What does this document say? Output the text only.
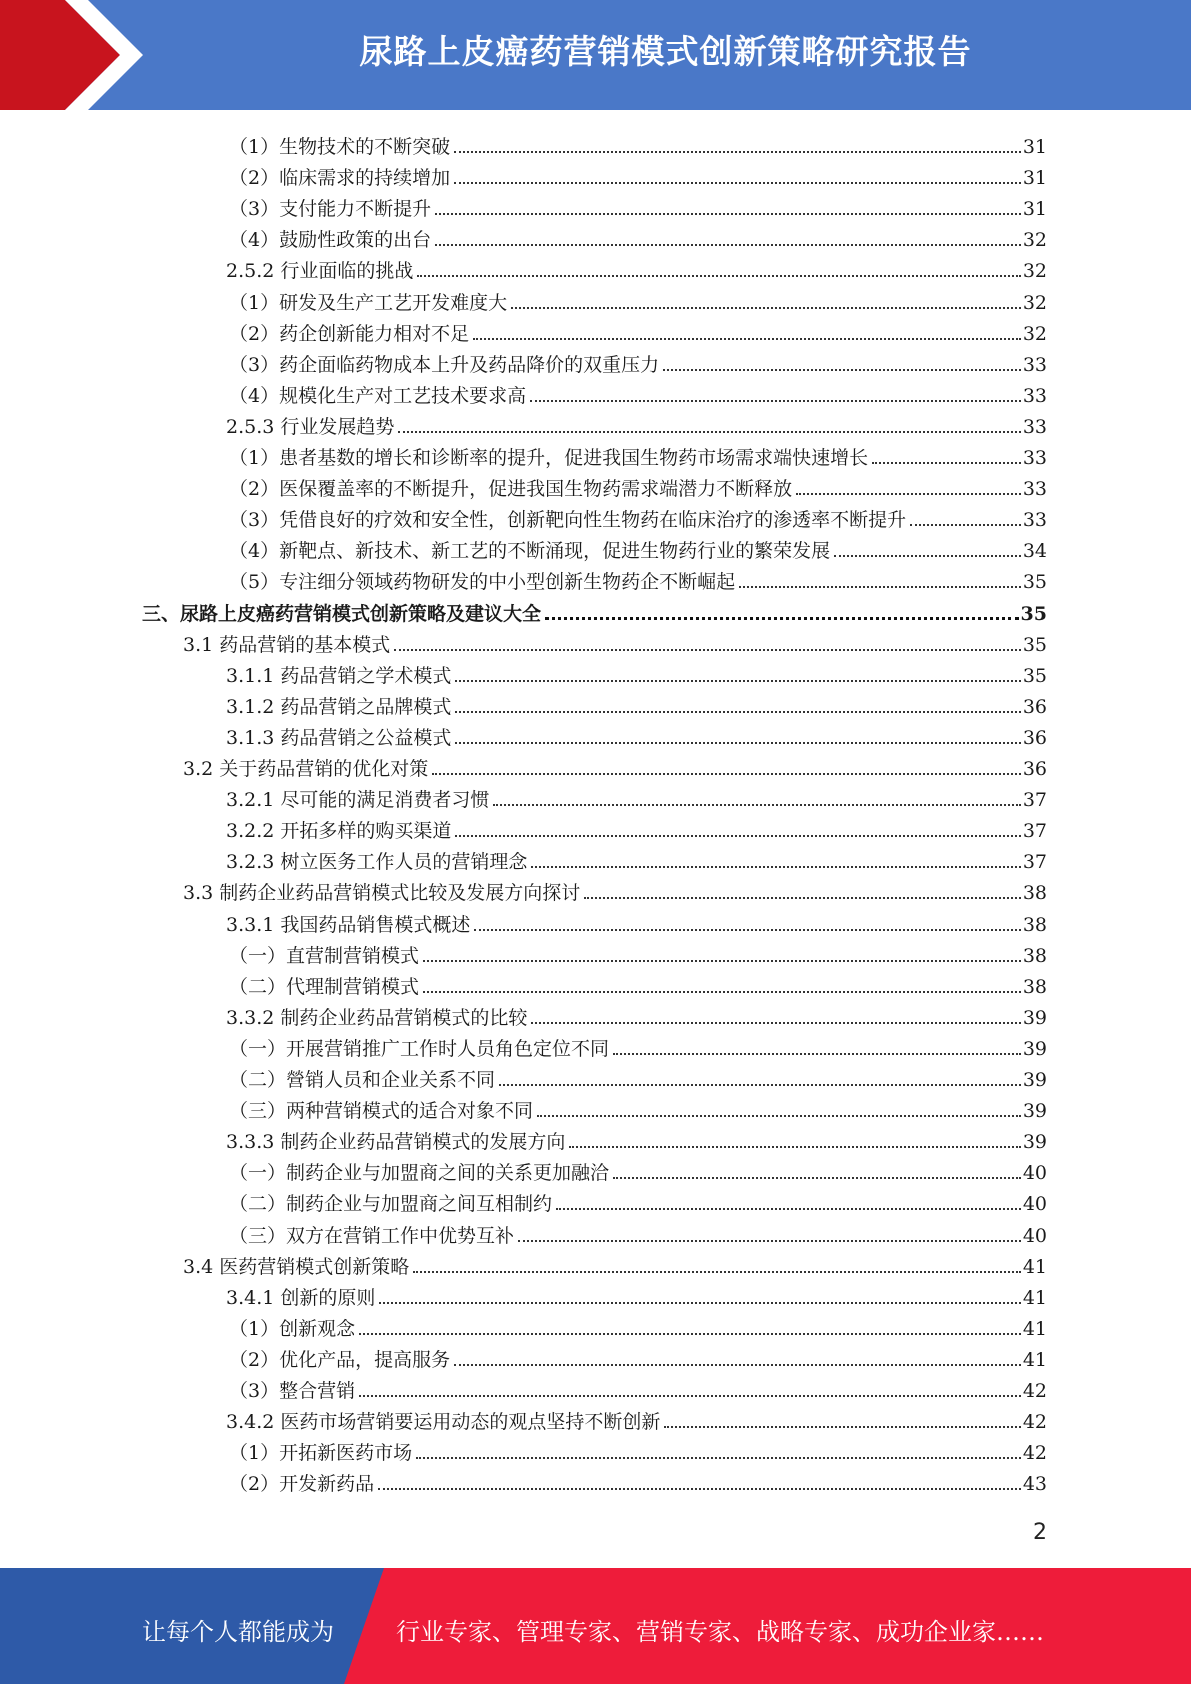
尿路上皮癌药营销模式创新策略研究报告
（1）生物技术的不断突破	31
（2）临床需求的持续增加	31
（3）支付能力不断提升	31
（4）鼓励性政策的出台	32
2.5.2 行业面临的挑战	32
（1）研发及生产工艺开发难度大	32
（2）药企创新能力相对不足	32
（3）药企面临药物成本上升及药品降价的双重压力	33
（4）规模化生产对工艺技术要求高	33
2.5.3 行业发展趋势	33
（1）患者基数的增长和诊断率的提升，促进我国生物药市场需求端快速增长	33
（2）医保覆盖率的不断提升，促进我国生物药需求端潜力不断释放	33
（3）凭借良好的疗效和安全性，创新靶向性生物药在临床治疗的渗透率不断提升	33
（4）新靶点、新技术、新工艺的不断涌现，促进生物药行业的繁荣发展	34
（5）专注细分领域药物研发的中小型创新生物药企不断崛起	35
三、尿路上皮癌药营销模式创新策略及建议大全	35
3.1 药品营销的基本模式	35
3.1.1 药品营销之学术模式	35
3.1.2 药品营销之品牌模式	36
3.1.3 药品营销之公益模式	36
3.2 关于药品营销的优化对策	36
3.2.1 尽可能的满足消费者习惯	37
3.2.2 开拓多样的购买渠道	37
3.2.3 树立医务工作人员的营销理念	37
3.3 制药企业药品营销模式比较及发展方向探讨	38
3.3.1 我国药品销售模式概述	38
（一）直营制营销模式	38
（二）代理制营销模式	38
3.3.2 制药企业药品营销模式的比较	39
（一）开展营销推广工作时人员角色定位不同	39
（二）營销人员和企业关系不同	39
（三）两种营销模式的适合对象不同	39
3.3.3 制药企业药品营销模式的发展方向	39
（一）制药企业与加盟商之间的关系更加融洽	40
（二）制药企业与加盟商之间互相制约	40
（三）双方在营销工作中优势互补	40
3.4 医药营销模式创新策略	41
3.4.1 创新的原则	41
（1）创新观念	41
（2）优化产品，提高服务	41
（3）整合营销	42
3.4.2 医药市场营销要运用动态的观点坚持不断创新	42
（1）开拓新医药市场	42
（2）开发新药品	43
2
让每个人都能成为	行业专家、管理专家、营销专家、战略专家、成功企业家……
